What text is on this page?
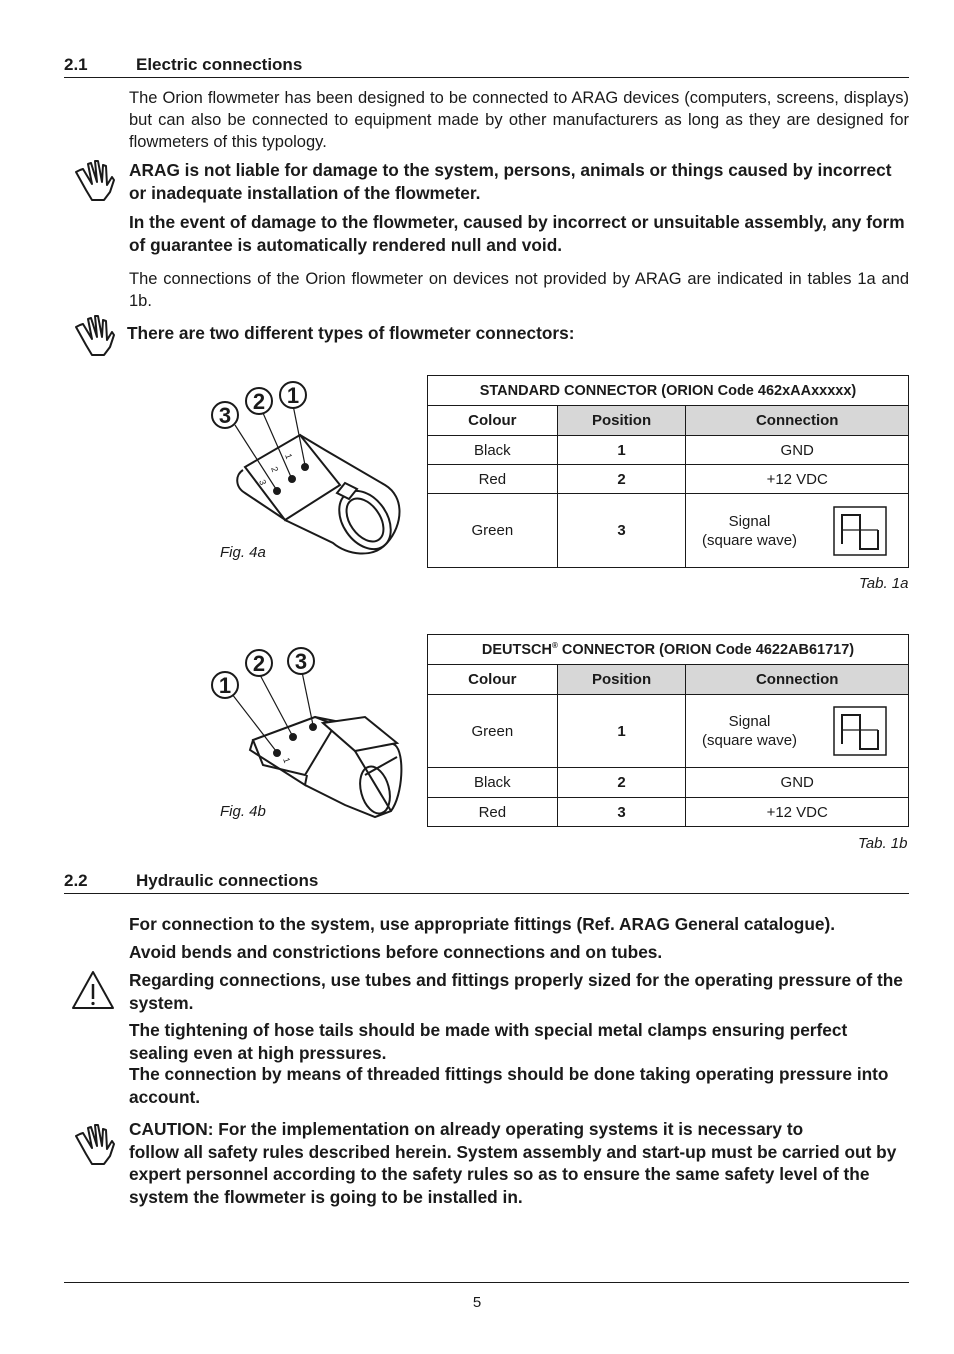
2.1	Electric connections
The Orion flowmeter has been designed to be connected to ARAG devices (computers, screens, displays) but can also be connected to equipment made by other manufacturers as long as they are designed for flowmeters of this typology.
ARAG is not liable for damage to the system, persons, animals or things caused by incorrect or inadequate installation of the flowmeter.
In the event of damage to the flowmeter, caused by incorrect or unsuitable assembly, any form of guarantee is automatically rendered null and void.
The connections of the Orion flowmeter on devices not provided by ARAG are indicated in tables 1a and 1b.
There are two different types of flowmeter connectors:
3
2 1
3
2
1
Fig. 4a
STANDARD CONNECTOR (ORION Code 462xAAxxxxx)			
Colour	Position	Connection	
Black	1	GND	
Red	2	+12 VDC	
Green	3	Signal
(square wave)

Tab. 1a
1
2 3
1
Fig. 4b
DEUTSCH® CONNECTOR (ORION Code 4622AB61717)			
Colour	Position	Connection	
Green	1	Signal
(square wave)

Black	2	GND	
Red	3	+12 VDC	
Tab. 1b
2.2	Hydraulic connections
For connection to the system, use appropriate fittings (Ref. ARAG General catalogue).
Avoid bends and constrictions before connections and on tubes.
Regarding connections, use tubes and fittings properly sized for the operating pressure of the system.
The tightening of hose tails should be made with special metal clamps ensuring perfect sealing even at high pressures.
The connection by means of threaded fittings should be done taking operating pressure into account.
CAUTION: For the implementation on already operating systems it is necessary to
follow all safety rules described herein. System assembly and start-up must be carried out by expert personnel according to the safety rules so as to ensure the same safety level of the system the flowmeter is going to be installed in.
5
